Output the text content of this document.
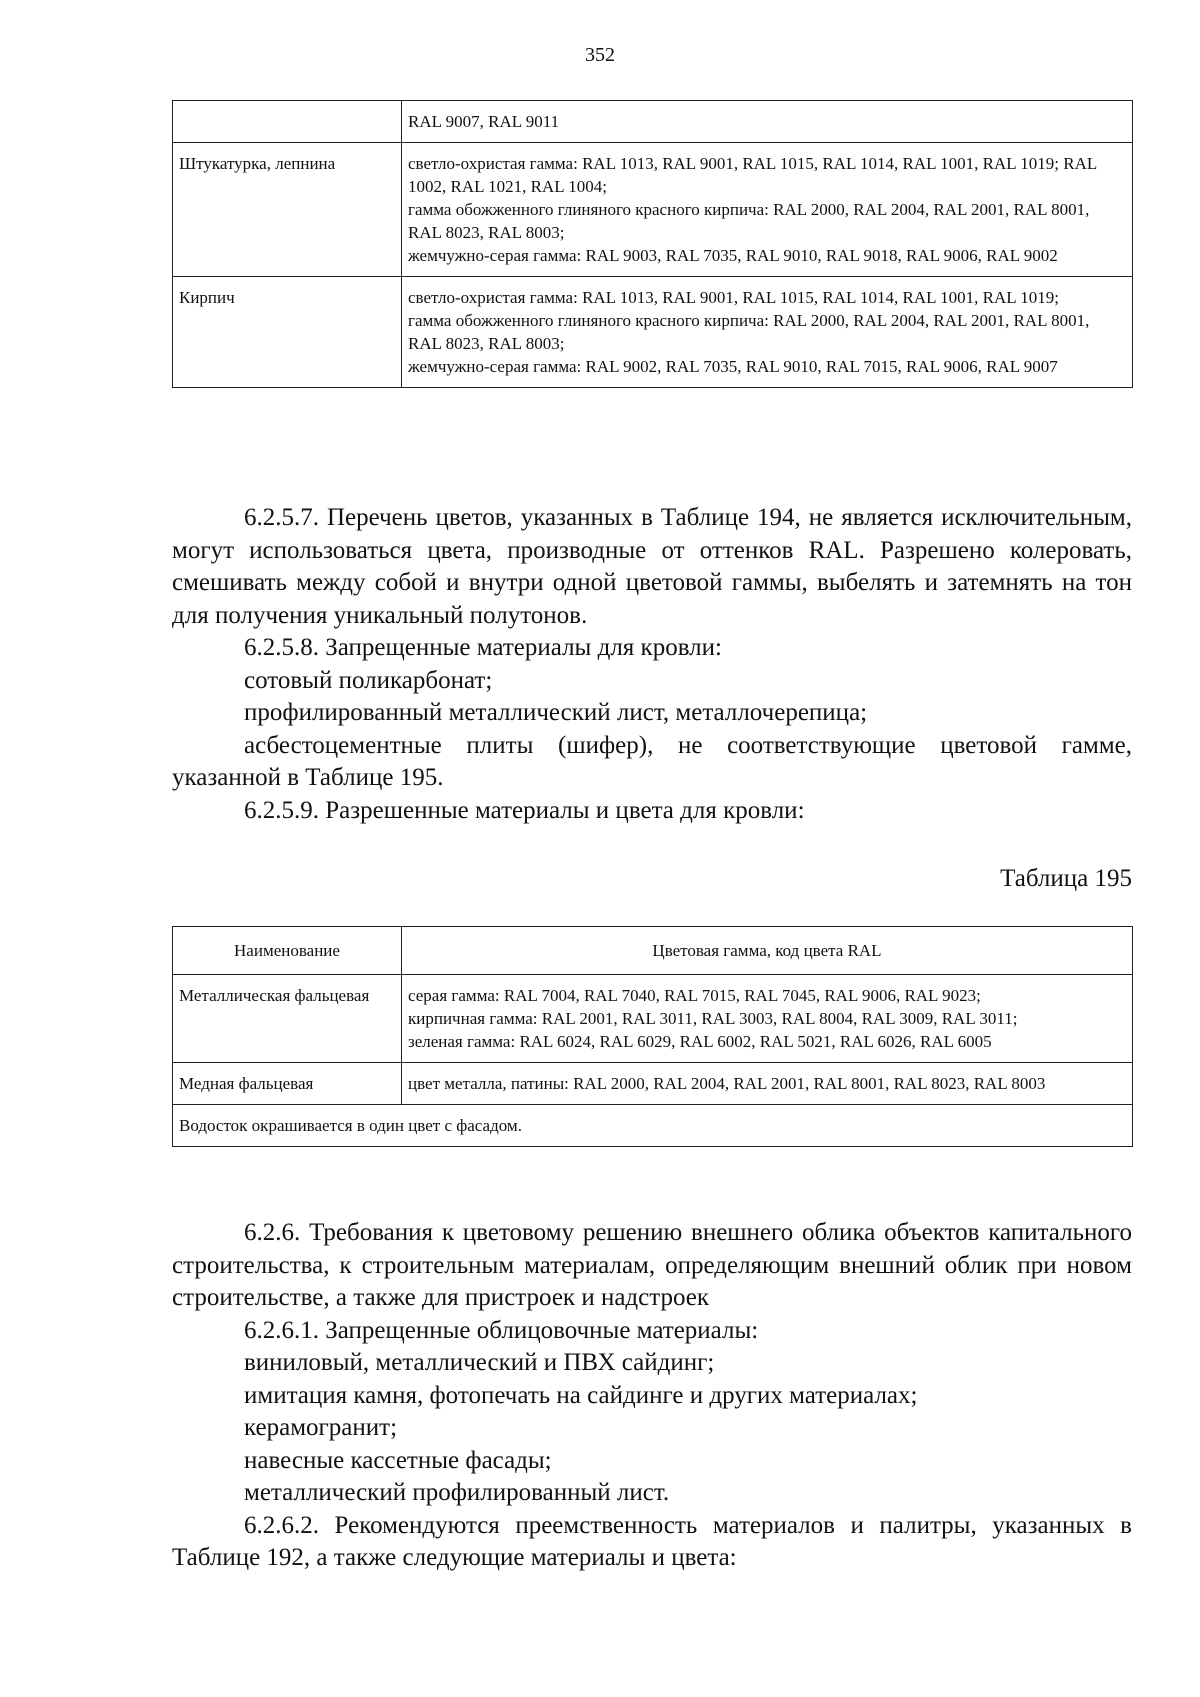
352

	RAL 9007, RAL 9011

Штукатурка, лепнина	светло-охристая гамма: RAL 1013, RAL 9001, RAL 1015, RAL 1014, RAL 1001, RAL 1019; RAL 1002, RAL 1021, RAL 1004;
гамма обожженного глиняного красного кирпича: RAL 2000, RAL 2004, RAL 2001, RAL 8001, RAL 8023, RAL 8003;
жемчужно-серая гамма: RAL 9003, RAL 7035, RAL 9010, RAL 9018, RAL 9006, RAL 9002

Кирпич	светло-охристая гамма: RAL 1013, RAL 9001, RAL 1015, RAL 1014, RAL 1001, RAL 1019;
гамма обожженного глиняного красного кирпича: RAL 2000, RAL 2004, RAL 2001, RAL 8001, RAL 8023, RAL 8003;
жемчужно-серая гамма: RAL 9002, RAL 7035, RAL 9010, RAL 7015, RAL 9006, RAL 9007

6.2.5.7. Перечень цветов, указанных в Таблице 194, не является исключительным, могут использоваться цвета, производные от оттенков RAL. Разрешено колеровать, смешивать между собой и внутри одной цветовой гаммы, выбелять и затемнять на тон для получения уникальный полутонов.

6.2.5.8. Запрещенные материалы для кровли:

сотовый поликарбонат;

профилированный металлический лист, металлочерепица;

асбестоцементные плиты (шифер), не соответствующие цветовой гамме, указанной в Таблице 195.

6.2.5.9. Разрешенные материалы и цвета для кровли:

Таблица 195
Наименование	Цветовая гамма, код цвета RAL
Металлическая фальцевая	серая гамма: RAL 7004, RAL 7040, RAL 7015, RAL 7045, RAL 9006, RAL 9023;
кирпичная гамма: RAL 2001, RAL 3011, RAL 3003, RAL 8004, RAL 3009, RAL 3011;
зеленая гамма: RAL 6024, RAL 6029, RAL 6002, RAL 5021, RAL 6026, RAL 6005

Медная фальцевая	цвет металла, патины: RAL 2000, RAL 2004, RAL 2001, RAL 8001, RAL 8023, RAL 8003

Водосток окрашивается в один цвет с фасадом.	

6.2.6. Требования к цветовому решению внешнего облика объектов капитального строительства, к строительным материалам, определяющим внешний облик при новом строительстве, а также для пристроек и надстроек

6.2.6.1. Запрещенные облицовочные материалы:

виниловый, металлический и ПВХ сайдинг;

имитация камня, фотопечать на сайдинге и других материалах;

керамогранит;

навесные кассетные фасады;

металлический профилированный лист.

6.2.6.2. Рекомендуются преемственность материалов и палитры, указанных в Таблице 192, а также следующие материалы и цвета:
